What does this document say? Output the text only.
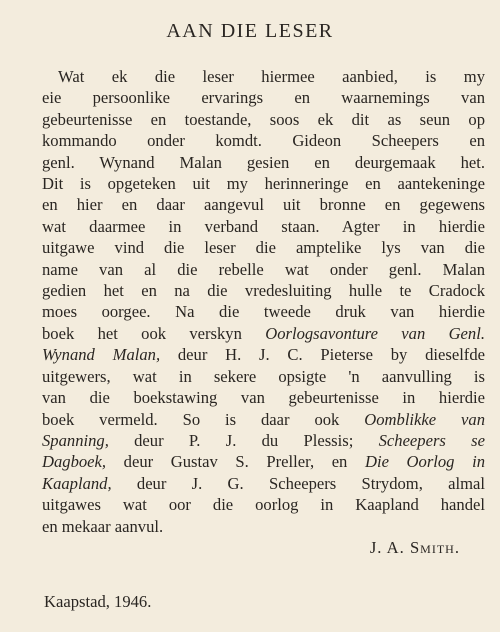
AAN DIE LESER
Wat ek die leser hiermee aanbied, is my
eie persoonlike ervarings en waarnemings van
gebeurtenisse en toestande, soos ek dit as seun op
kommando onder komdt. Gideon Scheepers en
genl. Wynand Malan gesien en deurgemaak het.
Dit is opgeteken uit my herinneringe en aantekeninge
en hier en daar aangevul uit bronne en gegewens
wat daarmee in verband staan. Agter in hierdie
uitgawe vind die leser die amptelike lys van die
name van al die rebelle wat onder genl. Malan
gedien het en na die vredesluiting hulle te Cradock
moes oorgee. Na die tweede druk van hierdie
boek het ook verskyn Oorlogsavonture van Genl.
Wynand Malan, deur H. J. C. Pieterse by dieselfde
uitgewers, wat in sekere opsigte 'n aanvulling is
van die boekstawing van gebeurtenisse in hierdie
boek vermeld. So is daar ook Oomblikke van
Spanning, deur P. J. du Plessis; Scheepers se
Dagboek, deur Gustav S. Preller, en Die Oorlog in
Kaapland, deur J. G. Scheepers Strydom, almal
uitgawes wat oor die oorlog in Kaapland handel
en mekaar aanvul.
J. A. Smith.
Kaapstad, 1946.
